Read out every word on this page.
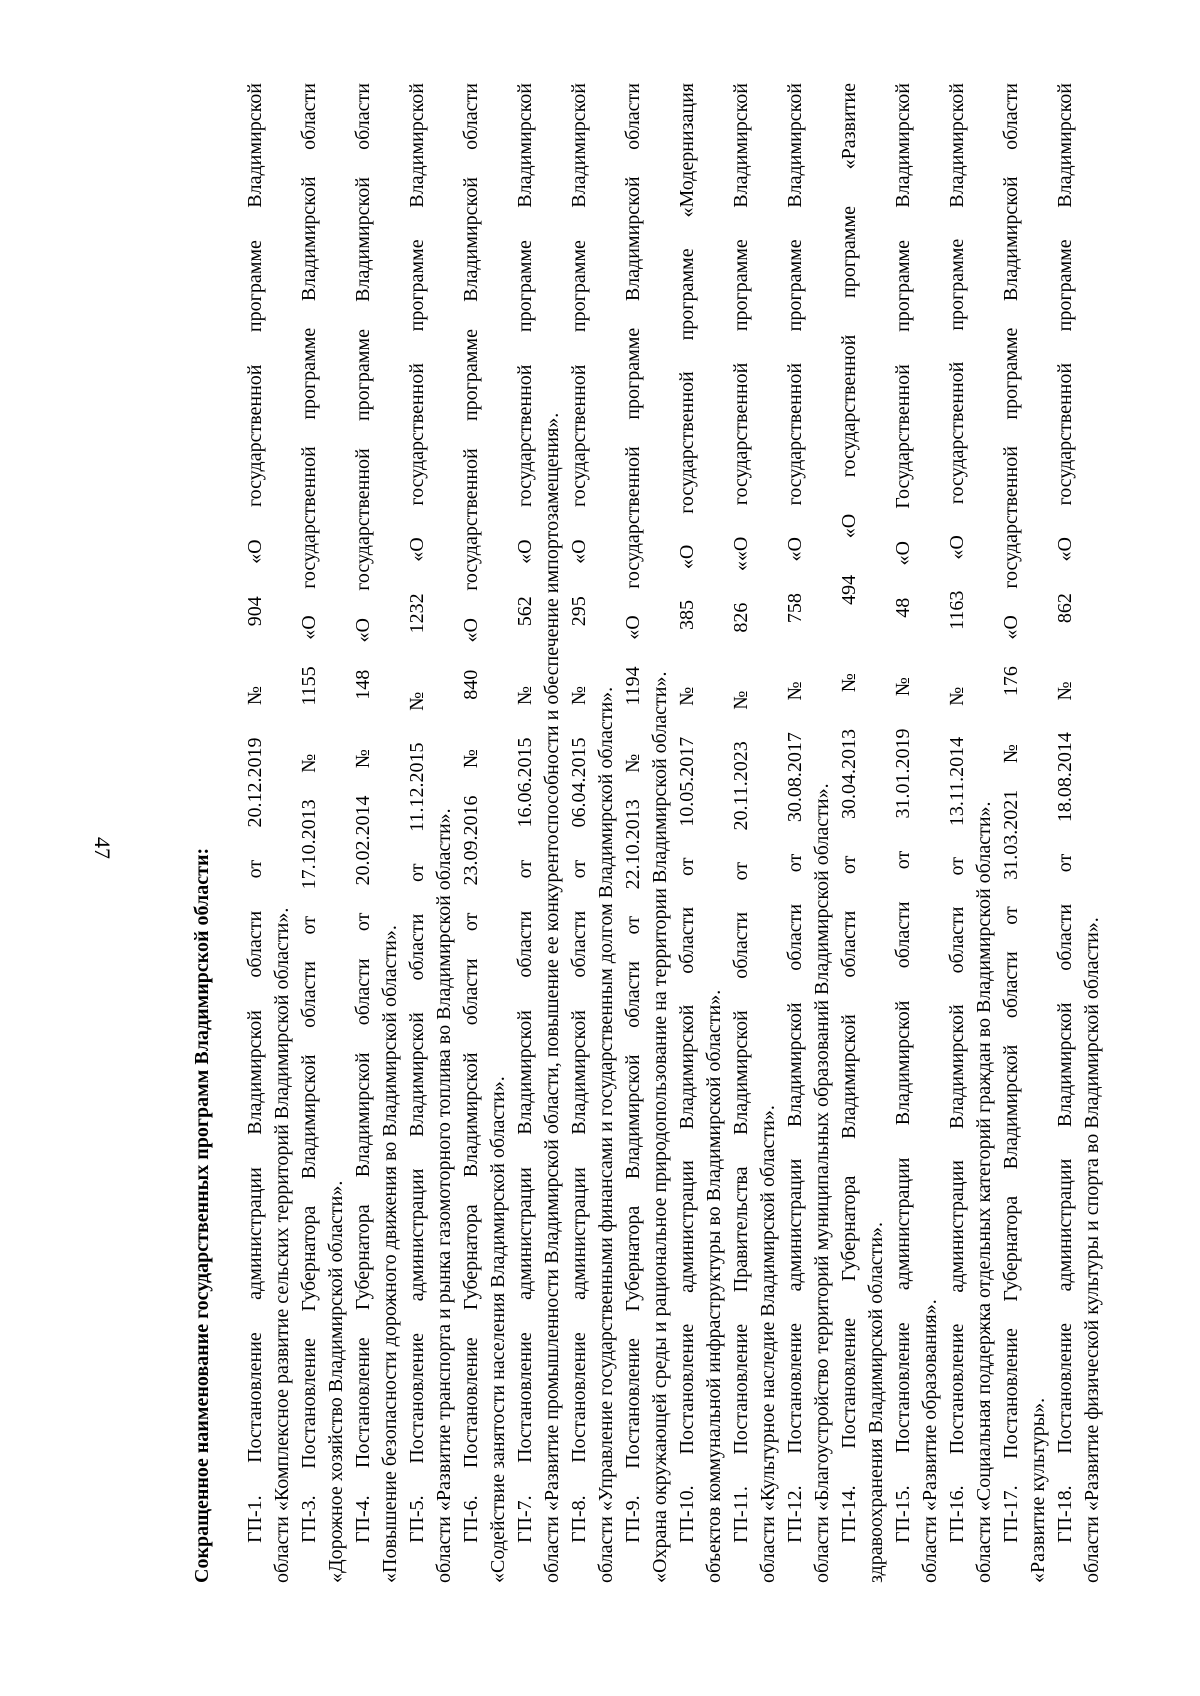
47	Сокращенное наименование государственных программ Владимирской области: ГП-1. Постановление администрации Владимирской области от 20.12.2019 № 904 «О государственной программе Владимирской области «Комплексное развитие сельских территорий Владимирской области». ГП-3. Постановление Губернатора Владимирской области от 17.10.2013 № 1155 «О государственной программе Владимирской области «Дорожное хозяйство Владимирской области». ГП-4. Постановление Губернатора Владимирской области от 20.02.2014 № 148 «О государственной программе Владимирской области «Повышение безопасности дорожного движения во Владимирской области». ГП-5. Постановление администрации Владимирской области от 11.12.2015 № 1232 «О государственной программе Владимирской области «Развитие транспорта и рынка газомоторного топлива во Владимирской области». ГП-6. Постановление Губернатора Владимирской области от 23.09.2016 № 840 «О государственной программе Владимирской области «Содействие занятости населения Владимирской области». ГП-7. Постановление администрации Владимирской области от 16.06.2015 № 562 «О государственной программе Владимирской области «Развитие промышленности Владимирской области, повышение ее конкурентоспособности и обеспечение импортозамещения». ГП-8. Постановление администрации Владимирской области от 06.04.2015 № 295 «О государственной программе Владимирской области «Управление государственными финансами и государственным долгом Владимирской области». ГП-9. Постановление Губернатора Владимирской области от 22.10.2013 № 1194 «О государственной программе Владимирской области «Охрана окружающей среды и рациональное природопользование на территории Владимирской области». ГП-10. Постановление администрации Владимирской области от 10.05.2017 № 385 «О государственной программе «Модернизация объектов коммунальной инфраструктуры во Владимирской области». ГП-11. Постановление Правительства Владимирской области от 20.11.2023 № 826 ««О государственной программе Владимирской области «Культурное наследие Владимирской области». ГП-12. Постановление администрации Владимирской области от 30.08.2017 № 758 «О государственной программе Владимирской области «Благоустройство территорий муниципальных образований Владимирской области». ГП-14. Постановление Губернатора Владимирской области от 30.04.2013 № 494 «О государственной программе «Развитие здравоохранения Владимирской области». ГП-15. Постановление администрации Владимирской области от 31.01.2019 № 48 «О Государственной программе Владимирской области «Развитие образования». ГП-16. Постановление администрации Владимирской области от 13.11.2014 № 1163 «О государственной программе Владимирской области «Социальная поддержка отдельных категорий граждан во Владимирской области». ГП-17. Постановление Губернатора Владимирской области от 31.03.2021 № 176 «О государственной программе Владимирской области «Развитие культуры». ГП-18. Постановление администрации Владимирской области от 18.08.2014 № 862 «О государственной программе Владимирской области «Развитие физической культуры и спорта во Владимирской области».
